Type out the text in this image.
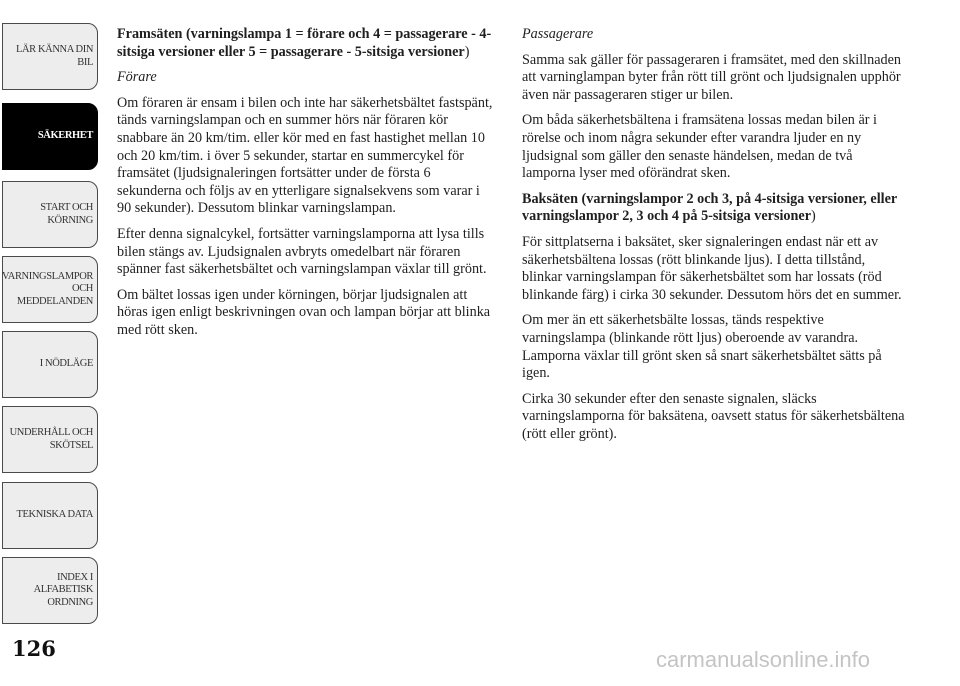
LÄR KÄNNA DIN
BIL
SÄKERHET
START OCH
KÖRNING
VARNINGSLAMPOR
OCH
MEDDELANDEN
I NÖDLÄGE
UNDERHÅLL OCH
SKÖTSEL
TEKNISKA DATA
INDEX I
ALFABETISK
ORDNING
126

Framsäten (varningslampa 1 = förare och 4 = passagerare - 4-sitsiga versioner eller 5 = passagerare - 5-sitsiga versioner)

Förare

Om föraren är ensam i bilen och inte har säkerhetsbältet fastspänt, tänds varningslampan och en summer hörs när föraren kör snabbare än 20 km/tim. eller kör med en fast hastighet mellan 10 och 20 km/tim. i över 5 sekunder, startar en summercykel för framsätet (ljudsignaleringen fortsätter under de första 6 sekunderna och följs av en ytterligare signalsekvens som varar i 90 sekunder). Dessutom blinkar varningslampan.

Efter denna signalcykel, fortsätter varningslamporna att lysa tills bilen stängs av. Ljudsignalen avbryts omedelbart när föraren spänner fast säkerhetsbältet och varningslampan växlar till grönt.

Om bältet lossas igen under körningen, börjar ljudsignalen att höras igen enligt beskrivningen ovan och lampan börjar att blinka med rött sken.

Passagerare

Samma sak gäller för passageraren i framsätet, med den skillnaden att varninglampan byter från rött till grönt och ljudsignalen upphör även när passageraren stiger ur bilen.

Om båda säkerhetsbältena i framsätena lossas medan bilen är i rörelse och inom några sekunder efter varandra ljuder en ny ljudsignal som gäller den senaste händelsen, medan de två lamporna lyser med oförändrat sken.

Baksäten (varningslampor 2 och 3, på 4-sitsiga versioner, eller varningslampor 2, 3 och 4 på 5-sitsiga versioner)

För sittplatserna i baksätet, sker signaleringen endast när ett av säkerhetsbältena lossas (rött blinkande ljus). I detta tillstånd, blinkar varningslampan för säkerhetsbältet som har lossats (röd blinkande färg) i cirka 30 sekunder. Dessutom hörs det en summer.

Om mer än ett säkerhetsbälte lossas, tänds respektive varningslampa (blinkande rött ljus) oberoende av varandra. Lamporna växlar till grönt sken så snart säkerhetsbältet sätts på igen.

Cirka 30 sekunder efter den senaste signalen, släcks varningslamporna för baksätena, oavsett status för säkerhetsbältena (rött eller grönt).

carmanualsonline.info
